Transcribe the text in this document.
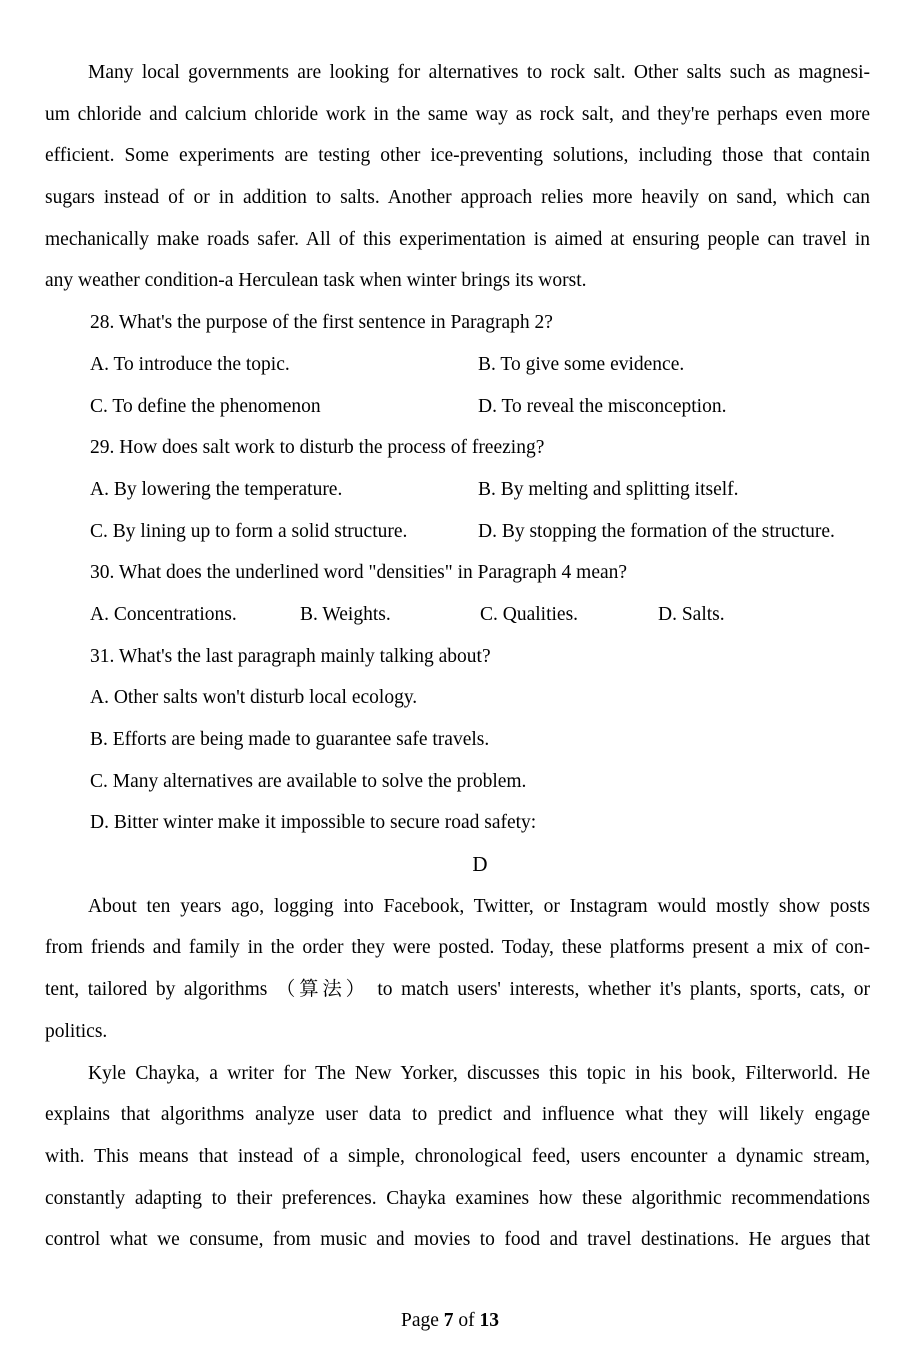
Many local governments are looking for alternatives to rock salt. Other salts such as magnesi-
um chloride and calcium chloride work in the same way as rock salt, and they're perhaps even more
efficient. Some experiments are testing other ice-preventing solutions, including those that contain
sugars instead of or in addition to salts. Another approach relies more heavily on sand, which can
mechanically make roads safer. All of this experimentation is aimed at ensuring people can travel in
any weather condition-a Herculean task when winter brings its worst.
28. What's the purpose of the first sentence in Paragraph 2?
A. To introduce the topic.	B. To give some evidence.
C. To define the phenomenon	D. To reveal the misconception.
29. How does salt work to disturb the process of freezing?
A. By lowering the temperature.	B. By melting and splitting itself.
C. By lining up to form a solid structure.	D. By stopping the formation of the structure.
30. What does the underlined word "densities" in Paragraph 4 mean?
A. Concentrations.	B. Weights.	C. Qualities.	D. Salts.
31. What's the last paragraph mainly talking about?
A. Other salts won't disturb local ecology.
B. Efforts are being made to guarantee safe travels.
C. Many alternatives are available to solve the problem.
D. Bitter winter make it impossible to secure road safety:
D
About ten years ago, logging into Facebook, Twitter, or Instagram would mostly show posts
from friends and family in the order they were posted. Today, these platforms present a mix of con-
tent, tailored by algorithms （算法） to match users' interests, whether it's plants, sports, cats, or
politics.
Kyle Chayka, a writer for The New Yorker, discusses this topic in his book, Filterworld. He
explains that algorithms analyze user data to predict and influence what they will likely engage
with. This means that instead of a simple, chronological feed, users encounter a dynamic stream,
constantly adapting to their preferences. Chayka examines how these algorithmic recommendations
control what we consume, from music and movies to food and travel destinations. He argues that
Page 7 of 13
